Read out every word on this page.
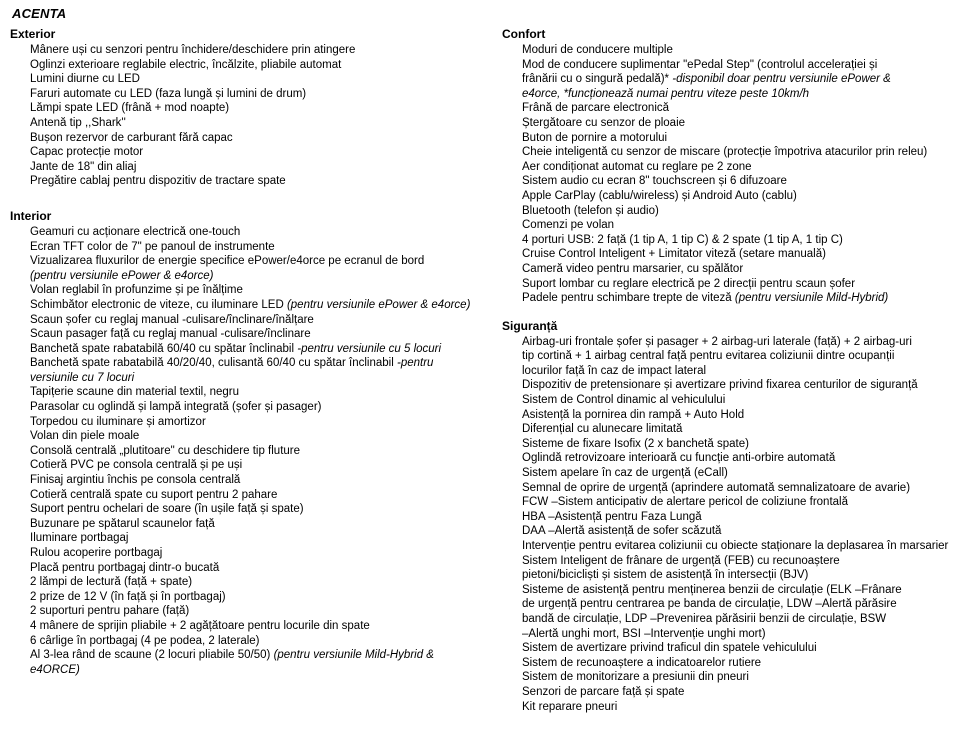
ACENTA
Exterior
Mânere uși cu senzori pentru închidere/deschidere prin atingere
Oglinzi exterioare reglabile electric, încălzite, pliabile automat
Lumini diurne cu LED
Faruri automate cu LED (faza lungă și lumini de drum)
Lămpi spate LED (frână + mod noapte)
Antenă tip ,,Shark''
Bușon rezervor de carburant fără capac
Capac protecție motor
Jante de 18" din aliaj
Pregătire cablaj pentru dispozitiv de tractare spate
Interior
Geamuri cu acționare electrică one-touch
Ecran TFT color de 7" pe panoul de instrumente
Vizualizarea fluxurilor de energie specifice ePower/e4orce pe ecranul de bord
(pentru versiunile ePower & e4orce)
Volan reglabil în profunzime și pe înălțime
Schimbător electronic de viteze, cu iluminare LED (pentru versiunile ePower & e4orce)
Scaun șofer cu reglaj manual -culisare/înclinare/înălțare
Scaun pasager față cu reglaj manual -culisare/înclinare
Banchetă spate rabatabilă 60/40 cu spătar înclinabil -pentru versiunile cu 5 locuri
Banchetă spate rabatabilă 40/20/40, culisantă 60/40 cu spătar înclinabil -pentru
versiunile cu 7 locuri
Tapițerie scaune din material textil, negru
Parasolar cu oglindă și lampă integrată (șofer și pasager)
Torpedou cu iluminare și amortizor
Volan din piele moale
Consolă centrală „plutitoare" cu deschidere tip fluture
Cotieră PVC pe consola centrală și pe uși
Finisaj argintiu închis pe consola centrală
Cotieră centrală spate cu suport pentru 2 pahare
Suport pentru ochelari de soare (în ușile față și spate)
Buzunare pe spătarul scaunelor față
Iluminare portbagaj
Rulou acoperire portbagaj
Placă pentru portbagaj dintr-o bucată
2 lămpi de lectură (față + spate)
2 prize de 12 V (în față și în portbagaj)
2 suporturi pentru pahare (față)
4 mânere de sprijin pliabile + 2 agățătoare pentru locurile din spate
6 cârlige în portbagaj (4 pe podea, 2 laterale)
Al 3-lea rând de scaune (2 locuri pliabile 50/50) (pentru versiunile Mild-Hybrid &
e4ORCE)
Confort
Moduri de conducere multiple
Mod de conducere suplimentar "ePedal Step" (controlul accelerației și
frânării cu o singură pedală)* -disponibil doar pentru versiunile ePower &
e4orce, *funcționează numai pentru viteze peste 10km/h
Frână de parcare electronică
Ștergătoare cu senzor de ploaie
Buton de pornire a motorului
Cheie inteligentă cu senzor de miscare (protecție împotriva atacurilor prin releu)
Aer condiționat automat cu reglare pe 2 zone
Sistem audio cu ecran 8" touchscreen și 6 difuzoare
Apple CarPlay (cablu/wireless) și Android Auto (cablu)
Bluetooth (telefon și audio)
Comenzi pe volan
4 porturi USB: 2 față (1 tip A, 1 tip C) & 2 spate (1 tip A, 1 tip C)
Cruise Control Inteligent + Limitator viteză (setare manuală)
Cameră video pentru marsarier, cu spălător
Suport lombar cu reglare electrică pe 2 direcții pentru scaun șofer
Padele pentru schimbare trepte de viteză (pentru versiunile Mild-Hybrid)
Siguranță
Airbag-uri frontale șofer și pasager + 2 airbag-uri laterale (față) + 2 airbag-uri
tip cortină + 1 airbag central față pentru evitarea coliziunii dintre ocupanții
locurilor față în caz de impact lateral
Dispozitiv de pretensionare și avertizare privind fixarea centurilor de siguranță
Sistem de Control dinamic al vehiculului
Asistență la pornirea din rampă + Auto Hold
Diferențial cu alunecare limitată
Sisteme de fixare Isofix (2 x banchetă spate)
Oglindă retrovizoare interioară cu funcție anti-orbire automată
Sistem apelare în caz de urgență (eCall)
Semnal de oprire de urgență (aprindere automată semnalizatoare de avarie)
FCW –Sistem anticipativ de alertare pericol de coliziune frontală
HBA –Asistență pentru Faza Lungă
DAA –Alertă asistență de sofer scăzută
Intervenție pentru evitarea coliziunii cu obiecte staționare la deplasarea în marsarier
Sistem Inteligent de frânare de urgență (FEB) cu recunoaștere
pietoni/bicicliști și sistem de asistență în intersecții (BJV)
Sisteme de asistență pentru menținerea benzii de circulație (ELK –Frânare
de urgență pentru centrarea pe banda de circulație, LDW –Alertă părăsire
bandă de circulație, LDP –Prevenirea părăsirii benzii de circulație, BSW
–Alertă unghi mort, BSI –Intervenție unghi mort)
Sistem de avertizare privind traficul din spatele vehiculului
Sistem de recunoaștere a indicatoarelor rutiere
Sistem de monitorizare a presiunii din pneuri
Senzori de parcare față și spate
Kit reparare pneuri
